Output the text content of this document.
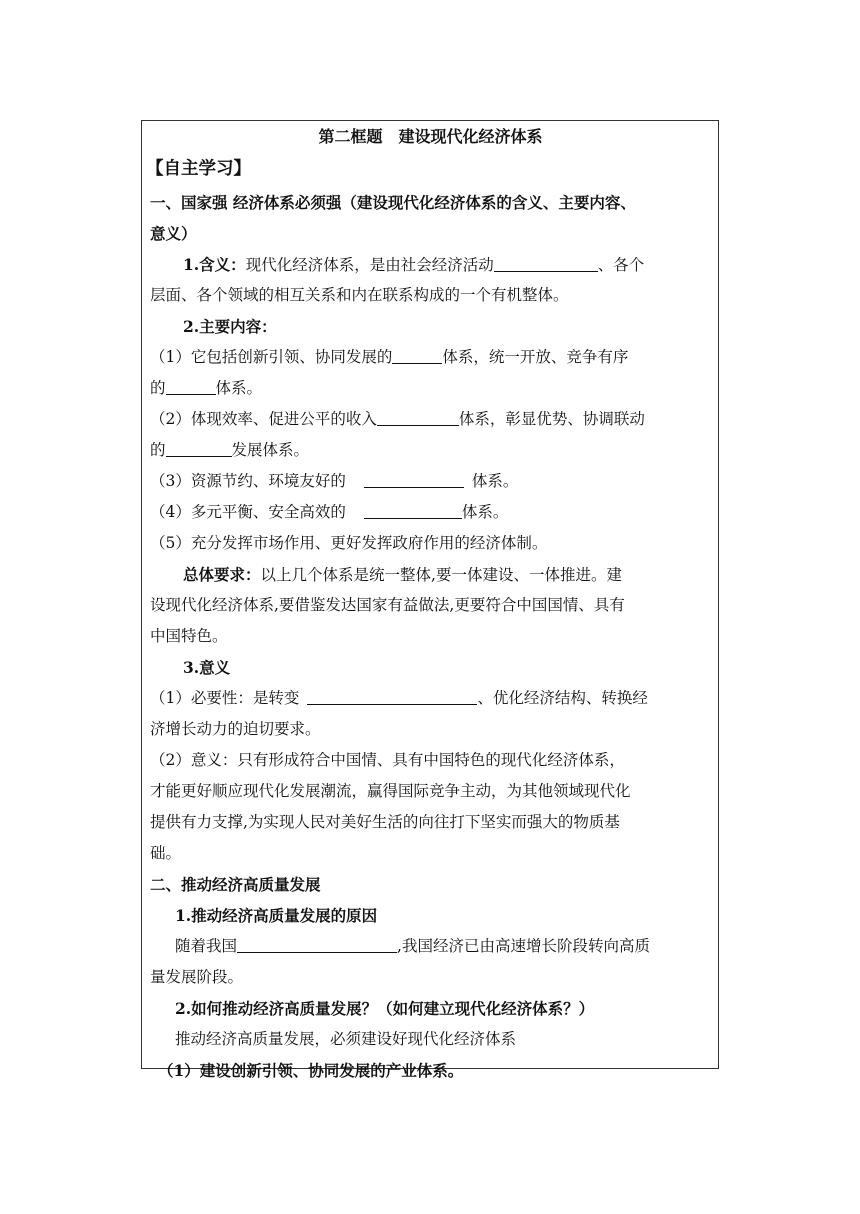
第二框题　建设现代化经济体系
【自主学习】
一、国家强 经济体系必须强（建设现代化经济体系的含义、主要内容、
意义）
1.含义：现代化经济体系，是由社会经济活动	、各个
层面、各个领域的相互关系和内在联系构成的一个有机整体。
2.主要内容：
（1）它包括创新引领、协同发展的	体系，统一开放、竞争有序
的	体系。
（2）体现效率、促进公平的收入	体系，彰显优势、协调联动
的	发展体系。
（3）资源节约、环境友好的	体系。
（4）多元平衡、安全高效的	体系。
（5）充分发挥市场作用、更好发挥政府作用的经济体制。
总体要求：以上几个体系是统一整体,要一体建设、一体推进。建
设现代化经济体系,要借鉴发达国家有益做法,更要符合中国国情、具有
中国特色。
3.意义
（1）必要性：是转变	、优化经济结构、转换经
济增长动力的迫切要求。
（2）意义：只有形成符合中国情、具有中国特色的现代化经济体系，
才能更好顺应现代化发展潮流，赢得国际竞争主动，为其他领域现代化
提供有力支撑,为实现人民对美好生活的向往打下坚实而强大的物质基
础。
二、推动经济高质量发展
1.推动经济高质量发展的原因
随着我国	,我国经济已由高速增长阶段转向高质
量发展阶段。
2.如何推动经济高质量发展？（如何建立现代化经济体系？）
推动经济高质量发展，必须建设好现代化经济体系
（1）建设创新引领、协同发展的产业体系。
